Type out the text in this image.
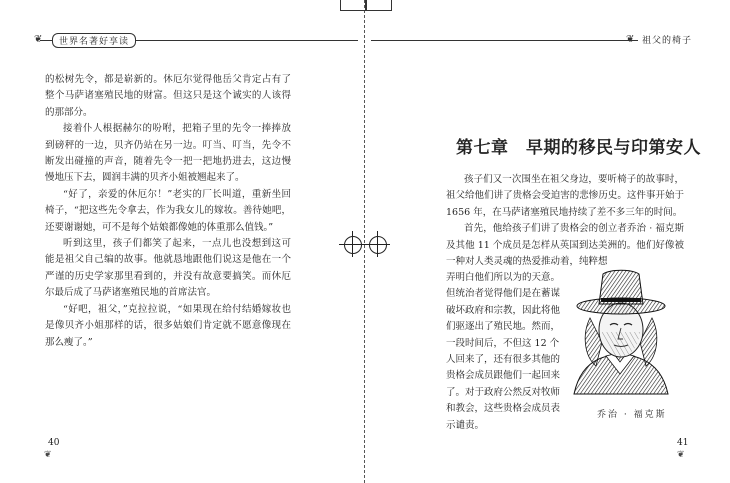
❦	世界名著好享读

的松树先令，都是崭新的。休厄尔觉得他岳父肯定占有了整个马萨诸塞殖民地的财富。但这只是这个诚实的人该得的那部分。

接着仆人根据赫尔的吩咐，把箱子里的先令一捧捧放到磅秤的一边，贝齐仍站在另一边。叮当、叮当，先令不断发出碰撞的声音，随着先令一把一把地扔进去，这边慢慢地压下去，圆润丰满的贝齐小姐被翘起来了。

“好了，亲爱的休厄尔！”老实的厂长叫道，重新坐回椅子，“把这些先令拿去，作为我女儿的嫁妆。善待她吧，还要谢谢她，可不是每个姑娘都像她的体重那么值钱。”

听到这里，孩子们都笑了起来，一点儿也没想到这可能是祖父自己编的故事。他就恳地跟他们说这是他在一个严谨的历史学家那里看到的，并没有故意要搞笑。而休厄尔最后成了马萨诸塞殖民地的首席法官。

“好吧，祖父，”克拉拉说，“如果现在给付结婚嫁妆也是像贝齐小姐那样的话，很多姑娘们肯定就不愿意像现在那么瘦了。”

40
❦
❦ 祖父的椅子
41
❦
第七章　早期的移民与印第安人

孩子们又一次围坐在祖父身边，要听椅子的故事时，祖父给他们讲了贵格会受迫害的悲惨历史。这件事开始于 1656 年，在马萨诸塞殖民地持续了差不多三年的时间。

首先，他给孩子们讲了贵格会的创立者乔治 · 福克斯及其他 11 个成员是怎样从英国到达美洲的。他们好像被一种对人类灵魂的热爱推动着，纯粹想

弄明白他们所以为的天意。
但统治者觉得他们是在蓄谋
破坏政府和宗教，因此将他
们驱逐出了殖民地。然而，
一段时间后，不但这 12 个
人回来了，还有很多其他的
贵格会成员跟他们一起回来
了。对于政府公然反对牧师
和教会，这些贵格会成员表
示谴责。
~
乔治 · 福克斯
